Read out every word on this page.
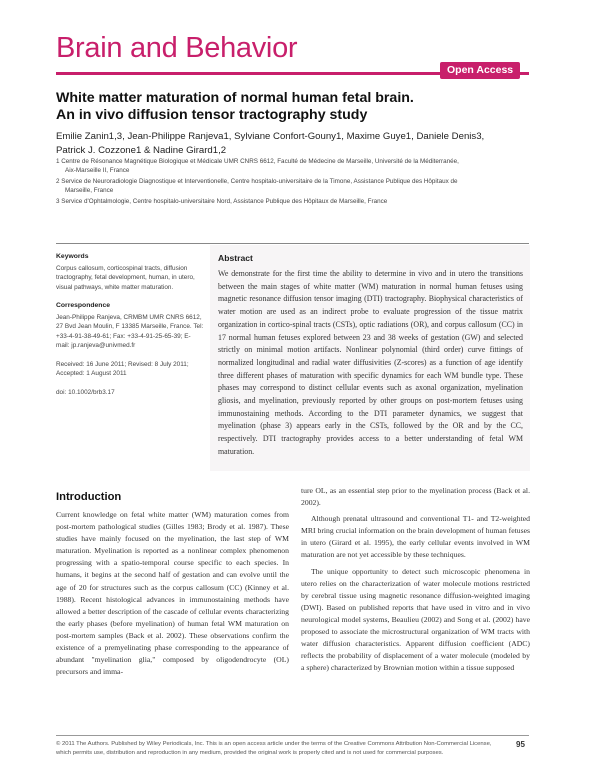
Brain and Behavior
Open Access
White matter maturation of normal human fetal brain.
An in vivo diffusion tensor tractography study
Emilie Zanin1,3, Jean-Philippe Ranjeva1, Sylviane Confort-Gouny1, Maxime Guye1, Daniele Denis3,
Patrick J. Cozzone1 & Nadine Girard1,2
1 Centre de Résonance Magnétique Biologique et Médicale UMR CNRS 6612, Faculté de Médecine de Marseille, Université de la Méditerranée,
Aix-Marseille II, France
2 Service de Neuroradiologie Diagnostique et Interventionelle, Centre hospitalo-universitaire de la Timone, Assistance Publique des Hôpitaux de
Marseille, France
3 Service d'Ophtalmologie, Centre hospitalo-universitaire Nord, Assistance Publique des Hôpitaux de Marseille, France
Keywords
Corpus callosum, corticospinal tracts, diffusion tractography, fetal development, human, in utero, visual pathways, white matter maturation.
Correspondence
Jean-Philippe Ranjeva, CRMBM UMR CNRS 6612, 27 Bvd Jean Moulin, F 13385 Marseille, France. Tel: +33-4-91-38-49-61; Fax: +33-4-91-25-65-39; E-mail: jp.ranjeva@univmed.fr
Received: 16 June 2011; Revised: 8 July 2011; Accepted: 1 August 2011
doi: 10.1002/brb3.17
Abstract
We demonstrate for the first time the ability to determine in vivo and in utero the transitions between the main stages of white matter (WM) maturation in normal human fetuses using magnetic resonance diffusion tensor imaging (DTI) tractography. Biophysical characteristics of water motion are used as an indirect probe to evaluate progression of the tissue matrix organization in cortico-spinal tracts (CSTs), optic radiations (OR), and corpus callosum (CC) in 17 normal human fetuses explored between 23 and 38 weeks of gestation (GW) and selected strictly on minimal motion artifacts. Nonlinear polynomial (third order) curve fittings of normalized longitudinal and radial water diffusivities (Z-scores) as a function of age identify three different phases of maturation with specific dynamics for each WM bundle type. These phases may correspond to distinct cellular events such as axonal organization, myelination gliosis, and myelination, previously reported by other groups on post-mortem fetuses using immunostaining methods. According to the DTI parameter dynamics, we suggest that myelination (phase 3) appears early in the CSTs, followed by the OR and by the CC, respectively. DTI tractography provides access to a better understanding of fetal WM maturation.
Introduction

Current knowledge on fetal white matter (WM) maturation comes from post-mortem pathological studies (Gilles 1983; Brody et al. 1987). These studies have mainly focused on the myelination, the last step of WM maturation. Myelination is reported as a nonlinear complex phenomenon progressing with a spatio-temporal course specific to each species. In humans, it begins at the second half of gestation and can evolve until the age of 20 for structures such as the corpus callosum (CC) (Kinney et al. 1988). Recent histological advances in immunostaining methods have allowed a better description of the cascade of cellular events characterizing the early phases (before myelination) of human fetal WM maturation on post-mortem samples (Back et al. 2002). These observations confirm the existence of a premyelinating phase corresponding to the appearance of abundant "myelination glia," composed by oligodendrocyte (OL) precursors and imma-

ture OL, as an essential step prior to the myelination process (Back et al. 2002).

Although prenatal ultrasound and conventional T1- and T2-weighted MRI bring crucial information on the brain development of human fetuses in utero (Girard et al. 1995), the early cellular events involved in WM maturation are not yet accessible by these techniques.

The unique opportunity to detect such microscopic phenomena in utero relies on the characterization of water molecule motions restricted by cerebral tissue using magnetic resonance diffusion-weighted imaging (DWI). Based on published reports that have used in vitro and in vivo neurological model systems, Beaulieu (2002) and Song et al. (2002) have proposed to associate the microstructural organization of WM tracts with water diffusion characteristics. Apparent diffusion coefficient (ADC) reflects the probability of displacement of a water molecule (modeled by a sphere) characterized by Brownian motion within a tissue supposed

© 2011 The Authors. Published by Wiley Periodicals, Inc. This is an open access article under the terms of the Creative Commons Attribution Non-Commercial License, which permits use, distribution and reproduction in any medium, provided the original work is properly cited and is not used for commercial purposes.
95
